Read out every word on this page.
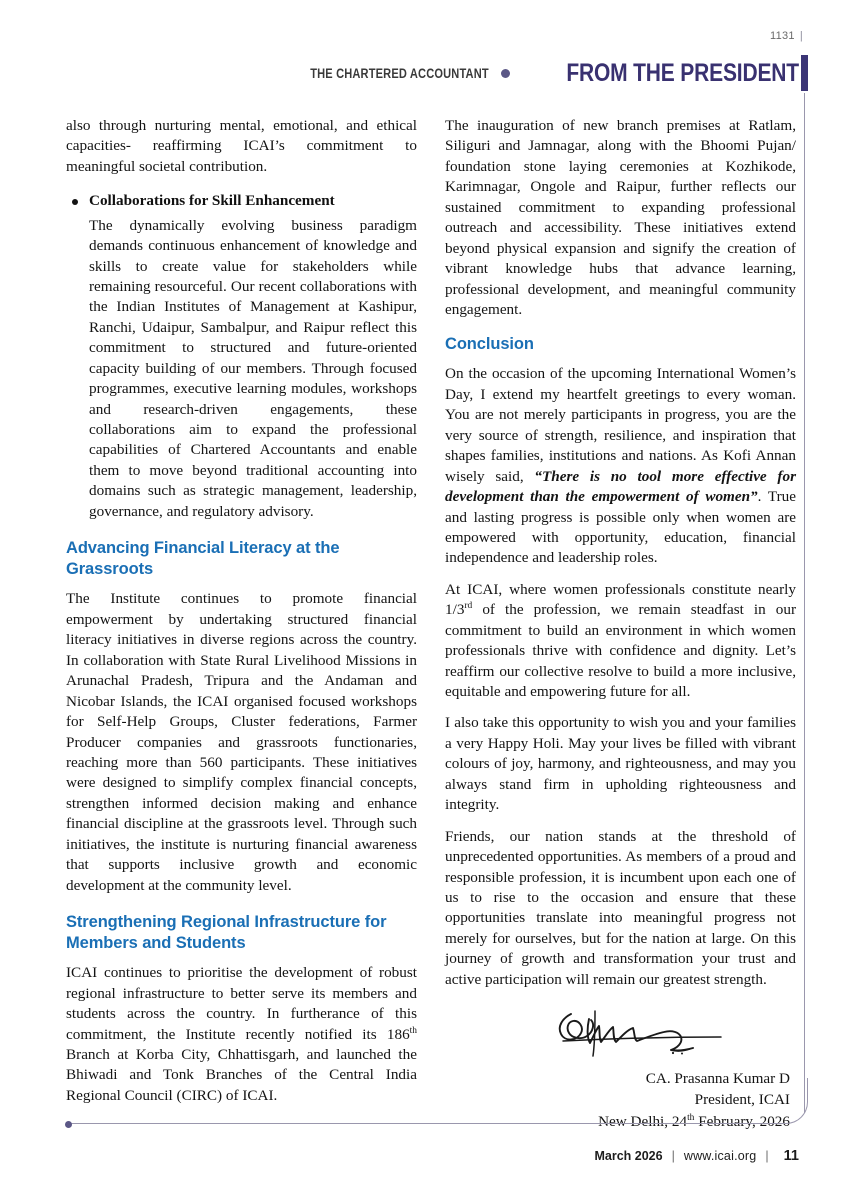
1131 |
THE CHARTERED ACCOUNTANT	FROM THE PRESIDENT

also through nurturing mental, emotional, and ethical capacities- reaffirming ICAI’s commitment to meaningful societal contribution.

Collaborations for Skill Enhancement

The dynamically evolving business paradigm demands continuous enhancement of knowledge and skills to create value for stakeholders while remaining resourceful. Our recent collaborations with the Indian Institutes of Management at Kashipur, Ranchi, Udaipur, Sambalpur, and Raipur reflect this commitment to structured and future-oriented capacity building of our members. Through focused programmes, executive learning modules, workshops and research-driven engagements, these collaborations aim to expand the professional capabilities of Chartered Accountants and enable them to move beyond traditional accounting into domains such as strategic management, leadership, governance, and regulatory advisory.

Advancing Financial Literacy at the Grassroots

The Institute continues to promote financial empowerment by undertaking structured financial literacy initiatives in diverse regions across the country. In collaboration with State Rural Livelihood Missions in Arunachal Pradesh, Tripura and the Andaman and Nicobar Islands, the ICAI organised focused workshops for Self-Help Groups, Cluster federations, Farmer Producer companies and grassroots functionaries, reaching more than 560 participants. These initiatives were designed to simplify complex financial concepts, strengthen informed decision making and enhance financial discipline at the grassroots level. Through such initiatives, the institute is nurturing financial awareness that supports inclusive growth and economic development at the community level.

Strengthening Regional Infrastructure for Members and Students

ICAI continues to prioritise the development of robust regional infrastructure to better serve its members and students across the country. In furtherance of this commitment, the Institute recently notified its 186th Branch at Korba City, Chhattisgarh, and launched the Bhiwadi and Tonk Branches of the Central India Regional Council (CIRC) of ICAI.

The inauguration of new branch premises at Ratlam, Siliguri and Jamnagar, along with the Bhoomi Pujan/ foundation stone laying ceremonies at Kozhikode, Karimnagar, Ongole and Raipur, further reflects our sustained commitment to expanding professional outreach and accessibility. These initiatives extend beyond physical expansion and signify the creation of vibrant knowledge hubs that advance learning, professional development, and meaningful community engagement.

Conclusion

On the occasion of the upcoming International Women’s Day, I extend my heartfelt greetings to every woman. You are not merely participants in progress, you are the very source of strength, resilience, and inspiration that shapes families, institutions and nations. As Kofi Annan wisely said, “There is no tool more effective for development than the empowerment of women”. True and lasting progress is possible only when women are empowered with opportunity, education, financial independence and leadership roles.

At ICAI, where women professionals constitute nearly 1/3rd of the profession, we remain steadfast in our commitment to build an environment in which women professionals thrive with confidence and dignity. Let’s reaffirm our collective resolve to build a more inclusive, equitable and empowering future for all.

I also take this opportunity to wish you and your families a very Happy Holi. May your lives be filled with vibrant colours of joy, harmony, and righteousness, and may you always stand firm in upholding righteousness and integrity.

Friends, our nation stands at the threshold of unprecedented opportunities. As members of a proud and responsible profession, it is incumbent upon each one of us to rise to the occasion and ensure that these opportunities translate into meaningful progress not merely for ourselves, but for the nation at large. On this journey of growth and transformation your trust and active participation will remain our greatest strength.

CA. Prasanna Kumar D
President, ICAI
New Delhi, 24th February, 2026
March 2026 | www.icai.org | 11
